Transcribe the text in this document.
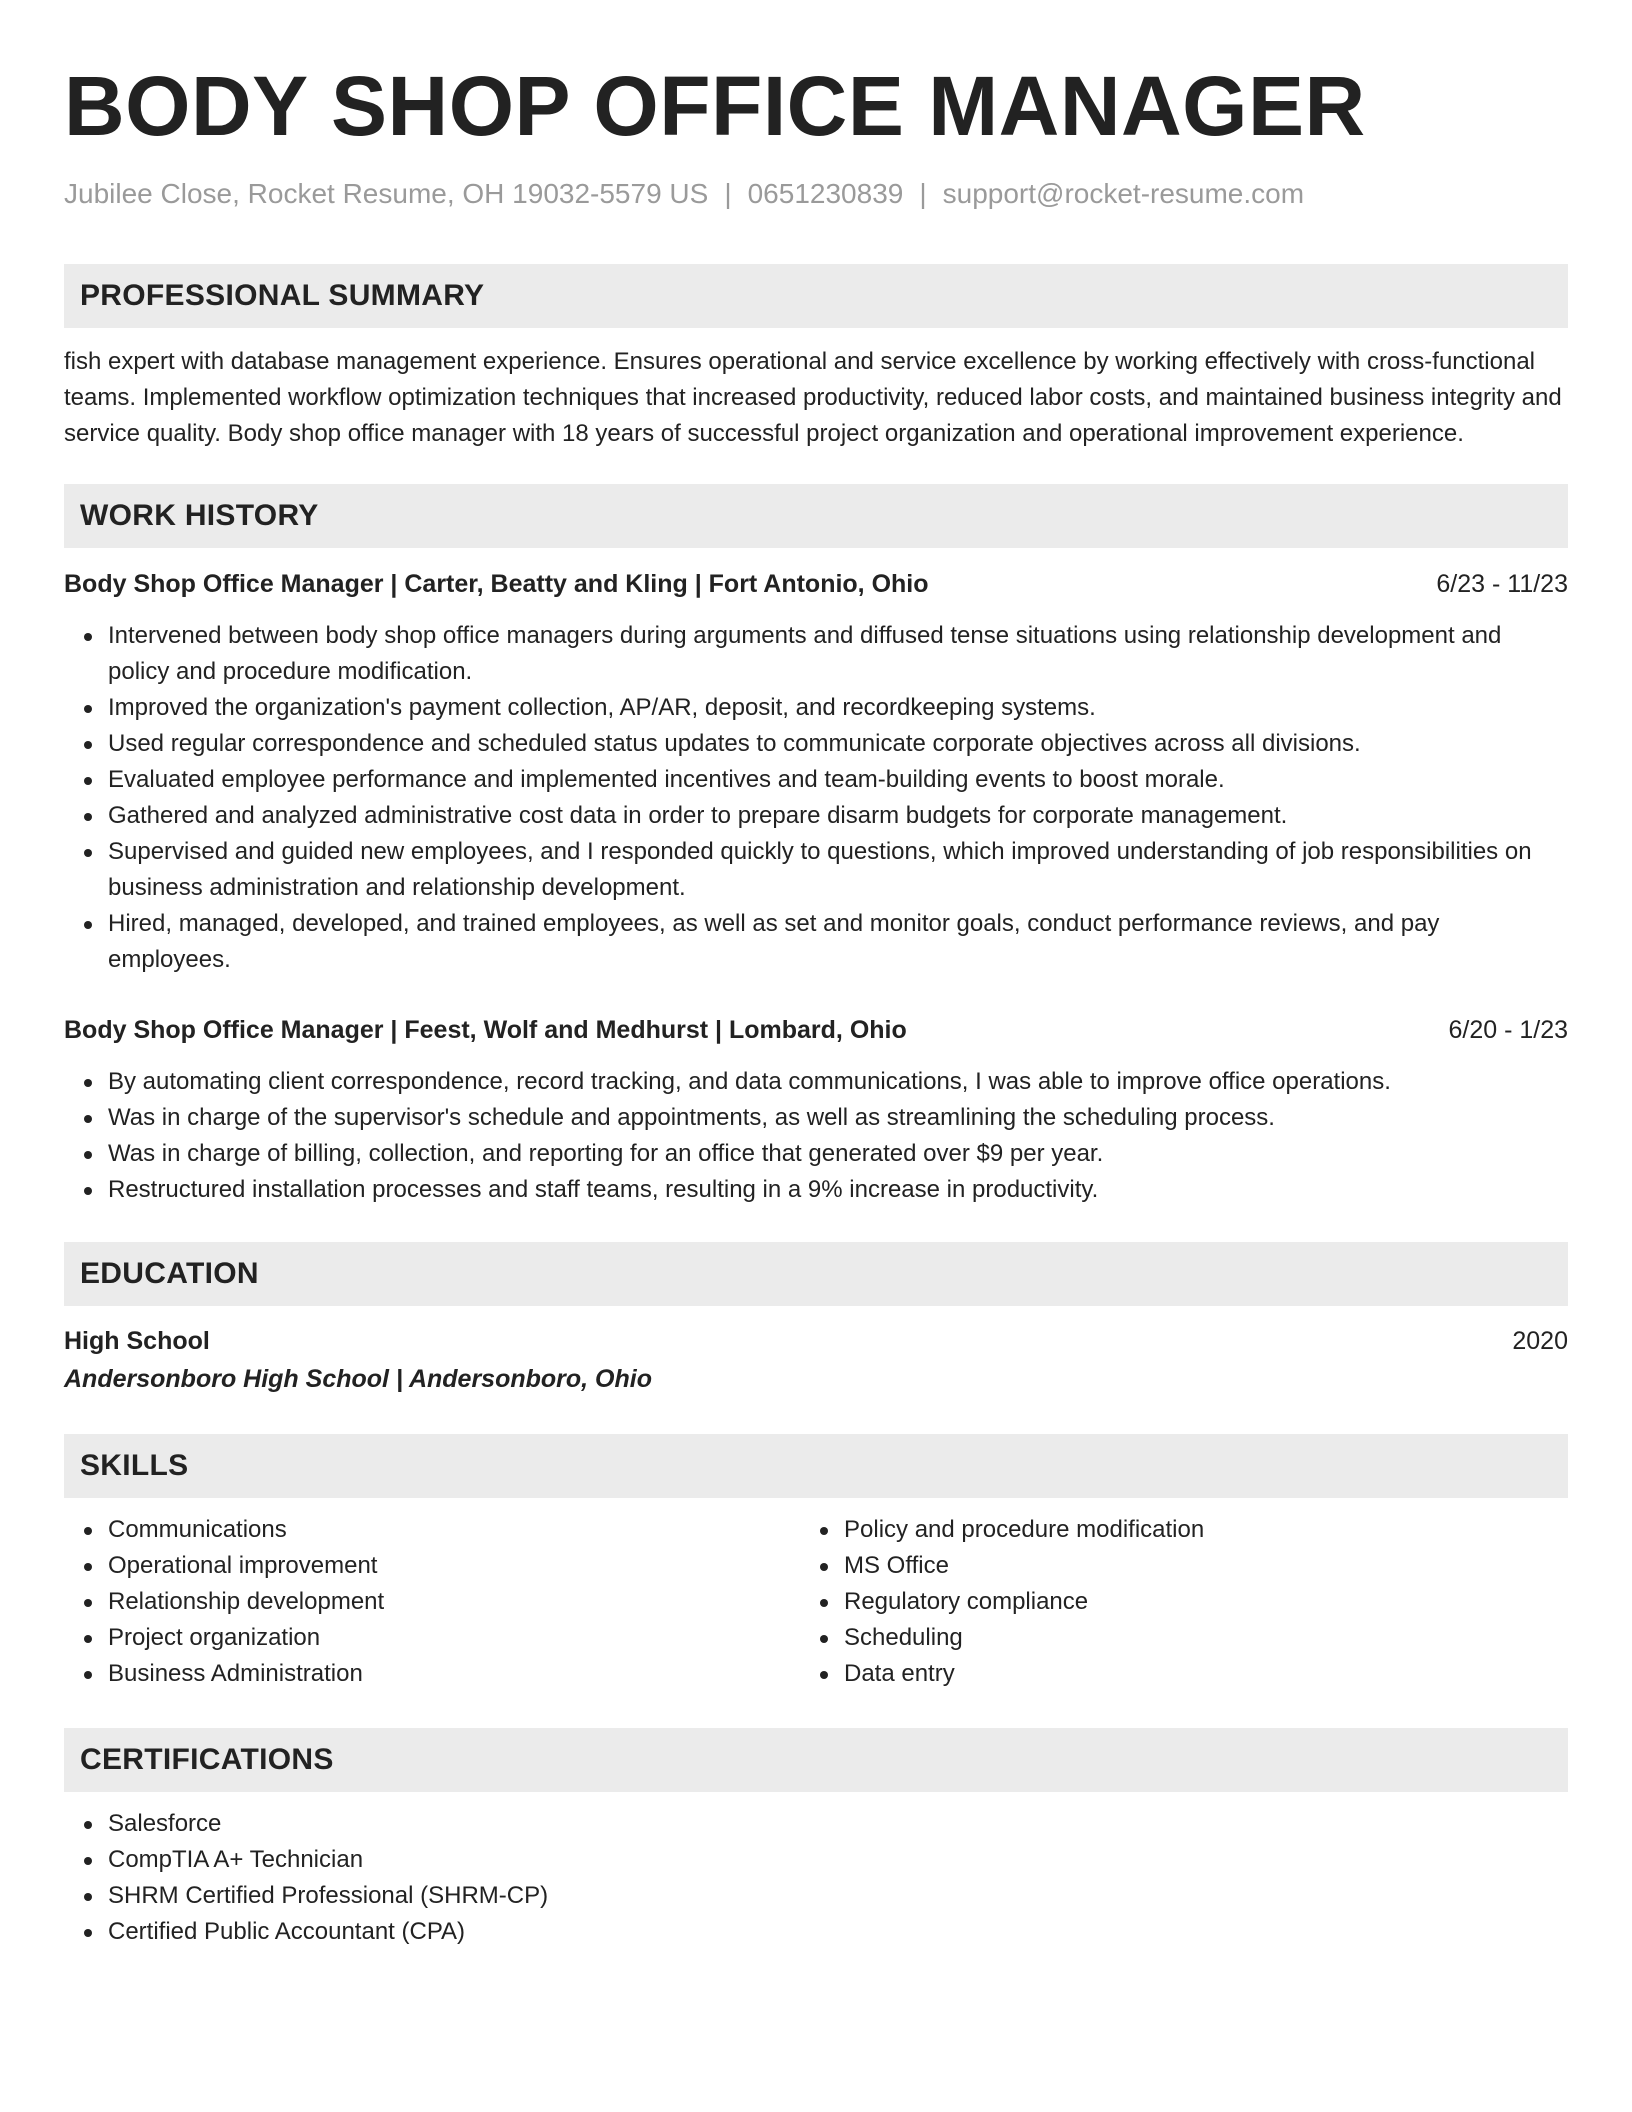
BODY SHOP OFFICE MANAGER
Jubilee Close, Rocket Resume, OH 19032-5579 US | 0651230839 | support@rocket-resume.com
PROFESSIONAL SUMMARY
fish expert with database management experience. Ensures operational and service excellence by working effectively with cross-functional teams. Implemented workflow optimization techniques that increased productivity, reduced labor costs, and maintained business integrity and service quality. Body shop office manager with 18 years of successful project organization and operational improvement experience.
WORK HISTORY
Body Shop Office Manager | Carter, Beatty and Kling | Fort Antonio, Ohio	6/23 - 11/23
Intervened between body shop office managers during arguments and diffused tense situations using relationship development and policy and procedure modification.
Improved the organization's payment collection, AP/AR, deposit, and recordkeeping systems.
Used regular correspondence and scheduled status updates to communicate corporate objectives across all divisions.
Evaluated employee performance and implemented incentives and team-building events to boost morale.
Gathered and analyzed administrative cost data in order to prepare disarm budgets for corporate management.
Supervised and guided new employees, and I responded quickly to questions, which improved understanding of job responsibilities on business administration and relationship development.
Hired, managed, developed, and trained employees, as well as set and monitor goals, conduct performance reviews, and pay employees.
Body Shop Office Manager | Feest, Wolf and Medhurst | Lombard, Ohio	6/20 - 1/23
By automating client correspondence, record tracking, and data communications, I was able to improve office operations.
Was in charge of the supervisor's schedule and appointments, as well as streamlining the scheduling process.
Was in charge of billing, collection, and reporting for an office that generated over $9 per year.
Restructured installation processes and staff teams, resulting in a 9% increase in productivity.
EDUCATION
High School	2020
Andersonboro High School | Andersonboro, Ohio
SKILLS
Communications
Operational improvement
Relationship development
Project organization
Business Administration
Policy and procedure modification
MS Office
Regulatory compliance
Scheduling
Data entry
CERTIFICATIONS
Salesforce
CompTIA A+ Technician
SHRM Certified Professional (SHRM-CP)
Certified Public Accountant (CPA)
